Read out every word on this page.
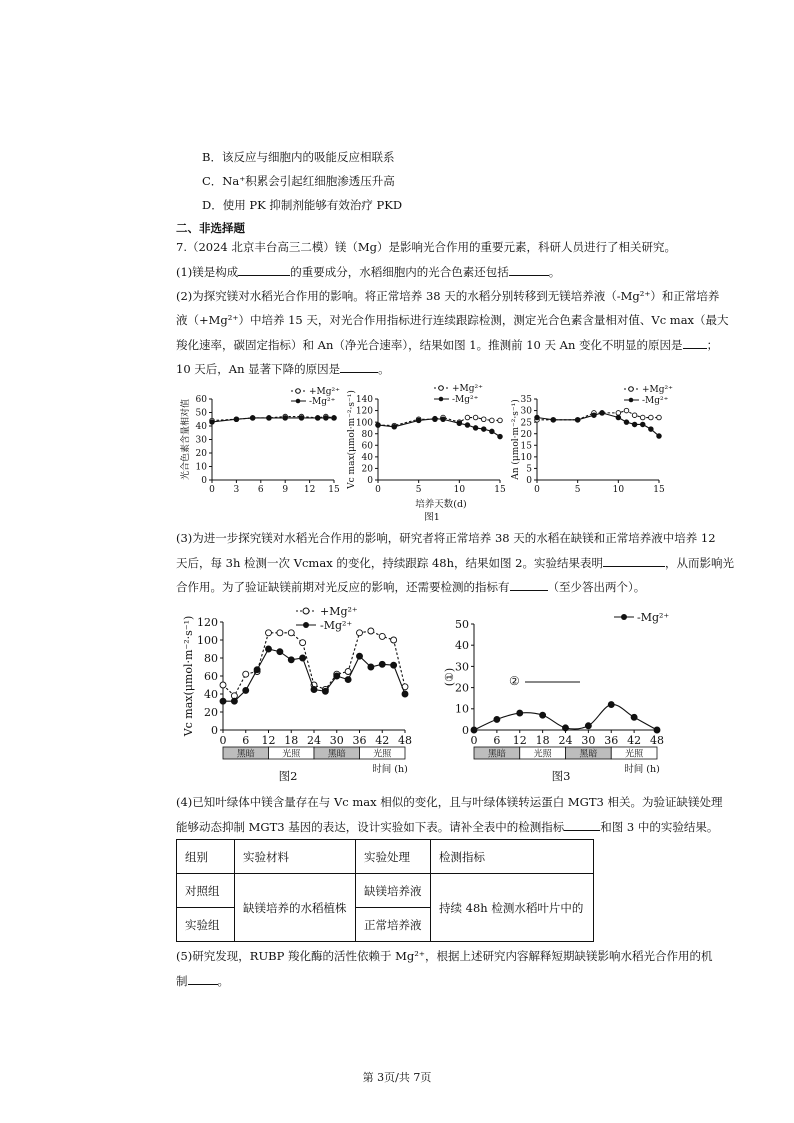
B．该反应与细胞内的吸能反应相联系
C．Na⁺积累会引起红细胞渗透压升高
D．使用 PK 抑制剂能够有效治疗 PKD
二、非选择题
7.（2024 北京丰台高三二模）镁（Mg）是影响光合作用的重要元素，科研人员进行了相关研究。
(1)镁是构成	的重要成分，水稻细胞内的光合色素还包括	。
(2)为探究镁对水稻光合作用的影响。将正常培养 38 天的水稻分别转移到无镁培养液（-Mg²⁺）和正常培养
液（+Mg²⁺）中培养 15 天，对光合作用指标进行连续跟踪检测，测定光合色素含量相对值、Vc max（最大
羧化速率，碳固定指标）和 An（净光合速率），结果如图 1。推测前 10 天 An 变化不明显的原因是 ；
10 天后，An 显著下降的原因是	。
+Mg²⁺
-Mg²⁺
+Mg²⁺
-Mg²⁺
+Mg²⁺
-Mg²⁺
0
10
20
30
40
50
60
0 3 6 9 12 15
光合色素含量相对值
0
20
40
60
80
100
120
140
0	5	10	15
Vc max(μmol·m⁻²·s⁻¹)	0
5
10
15
20
25
30
35
0	5	10	15
An (μmol·m⁻²·s⁻¹)
培养天数(d)
图1
(3)为进一步探究镁对水稻光合作用的影响，研究者将正常培养 38 天的水稻在缺镁和正常培养液中培养 12
天后，每 3h 检测一次 Vcmax 的变化，持续跟踪 48h，结果如图 2。实验结果表明	，从而影响光
合作用。为了验证缺镁前期对光反应的影响，还需要检测的指标有	（至少答出两个）。
+Mg²⁺
-Mg²⁺
-Mg²⁺
0
20
40
60
80
100
120
0 6 12 18 24 30 36 42 48
Vc max(μmol·m⁻²·s⁻¹)
黑暗	光照	黑暗	光照
时间 (h)
0
10
20
30
40
50
0 6 12 18 24 30 36 42 48
(①)
黑暗	光照	黑暗	光照
时间 (h)
②
图2	图3
(4)已知叶绿体中镁含量存在与 Vc max 相似的变化，且与叶绿体镁转运蛋白 MGT3 相关。为验证缺镁处理
能够动态抑制 MGT3 基因的表达，设计实验如下表。请补全表中的检测指标	和图 3 中的实验结果。
组别	实验材料	实验处理	检测指标
对照组	缺镁培养的水稻植株	缺镁培养液	持续 48h 检测水稻叶片中的
实验组		正常培养液	
(5)研究发现，RUBP 羧化酶的活性依赖于 Mg²⁺，根据上述研究内容解释短期缺镁影响水稻光合作用的机
制	。
第 3页/共 7页
